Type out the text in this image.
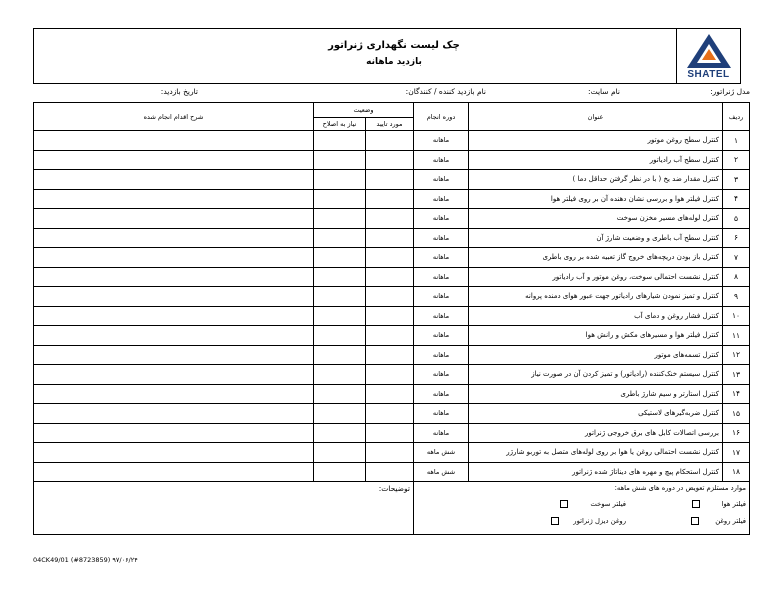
SHATEL
چک لیست نگهداری ژنراتور
بازدید ماهانه
مدل ژنراتور:
نام سایت:
نام بازدید کننده / کنندگان:
تاریخ بازدید:
ردیف	عنوان	دوره انجام	وضعیت		شرح اقدام انجام شده
			مورد تایید	نیاز به اصلاح	
۱	کنترل سطح روغن موتور	ماهانه			
۲	کنترل سطح آب رادیاتور	ماهانه			
۳	کنترل مقدار ضد یخ ( با در نظر گرفتن حداقل دما )	ماهانه			
۴	کنترل فیلتر هوا و بررسی نشان دهنده آن بر روی فیلتر هوا	ماهانه			
۵	کنترل لوله‌های مسیر مخزن سوخت	ماهانه			
۶	کنترل سطح آب باطری و وضعیت شارژ آن	ماهانه			
۷	کنترل باز بودن دریچه‌های خروج گاز تعبیه شده بر روی باطری	ماهانه			
۸	کنترل نشست احتمالی سوخت، روغن موتور و آب رادیاتور	ماهانه			
۹	کنترل و تمیز نمودن شیارهای رادیاتور جهت عبور هوای دمنده پروانه	ماهانه			
۱۰	کنترل فشار روغن و دمای آب	ماهانه			
۱۱	کنترل فیلتر هوا و مسیرهای مکش و رانش هوا	ماهانه			
۱۲	کنترل تسمه‌های موتور	ماهانه			
۱۳	کنترل سیستم خنک‌کننده (رادیاتور) و تمیز کردن آن در صورت نیاز	ماهانه			
۱۴	کنترل استارتر و سیم شارژ باطری	ماهانه			
۱۵	کنترل ضربه‌گیرهای لاستیکی	ماهانه			
۱۶	بررسی اتصالات کابل های برق خروجی ژنراتور	ماهانه			
۱۷	کنترل نشست احتمالی روغن یا هوا بر روی لوله‌های متصل به توربو شارژر	شش ماهه			
۱۸	کنترل استحکام پیچ و مهره های دیناتاژ شده ژنراتور	شش ماهه			

موارد مستلزم تعویض در دوره های شش ماهه:
فیلتر هوا
فیلتر سوخت
فیلتر روغن
روغن دیزل ژنراتور			توضیحات:		
04CK49/01 (#8723859) ۹۷/۰۶/۲۴
